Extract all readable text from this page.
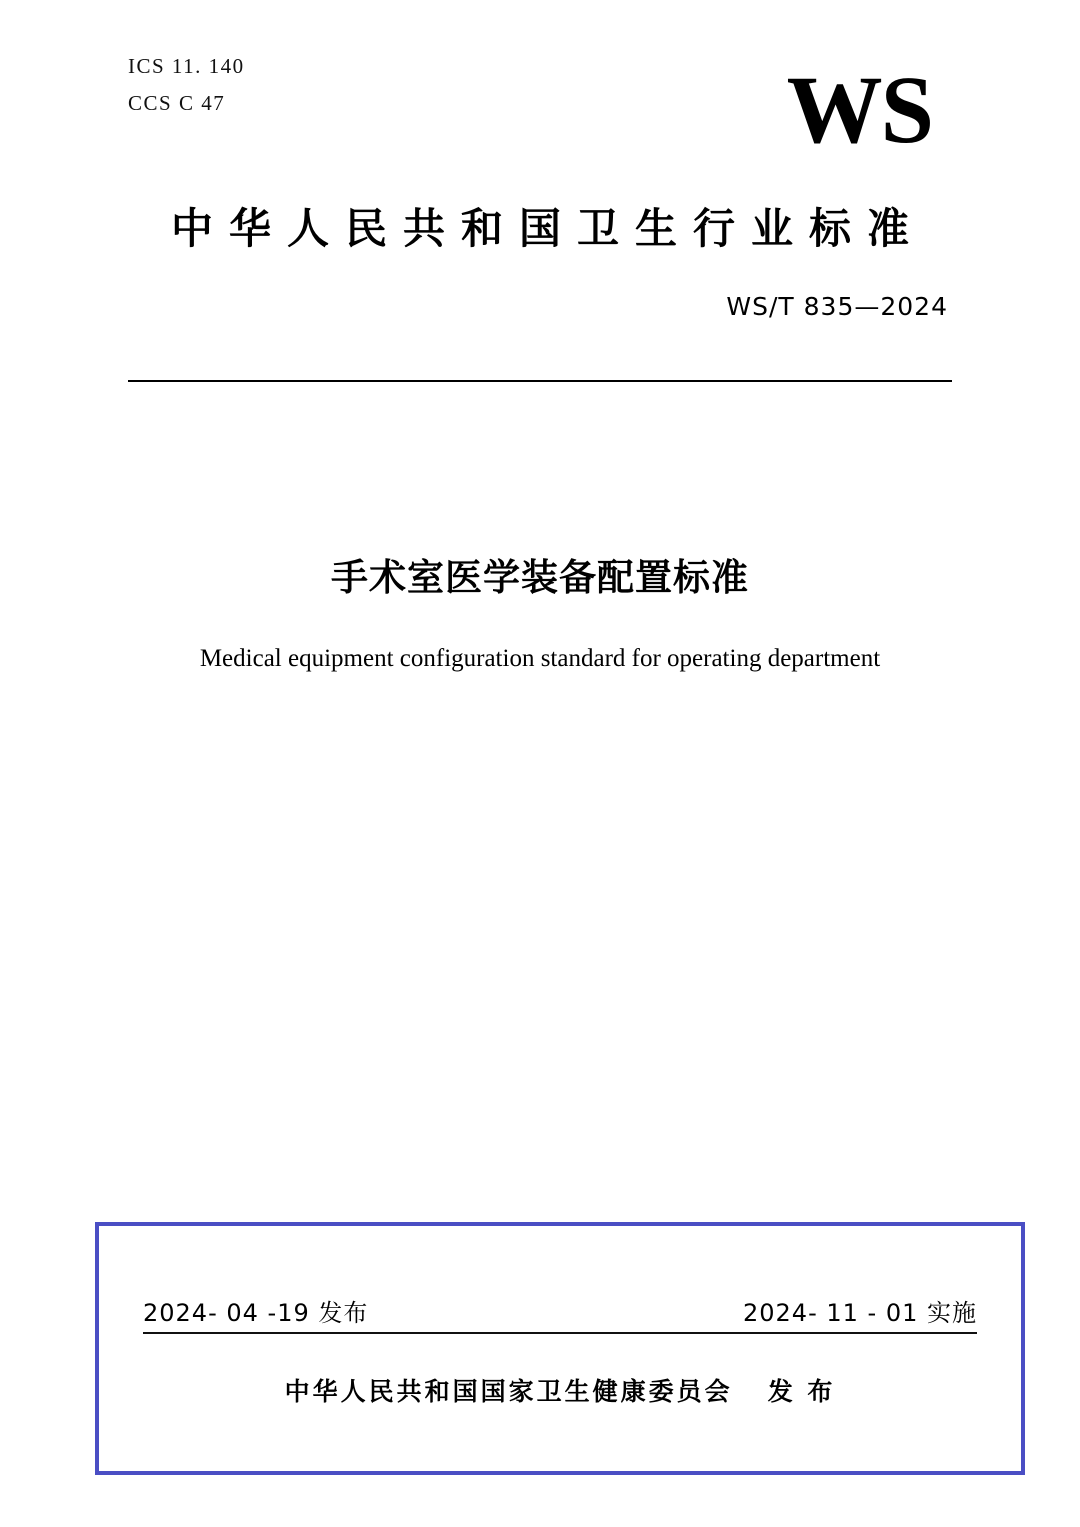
ICS 11. 140
CCS C 47	WS
中华人民共和国卫生行业标准
WS/T 835—2024
手术室医学装备配置标准
Medical equipment configuration standard for operating department
2024- 04 -19 发布	2024- 11 - 01 实施
中华人民共和国国家卫生健康委员会   发 布
